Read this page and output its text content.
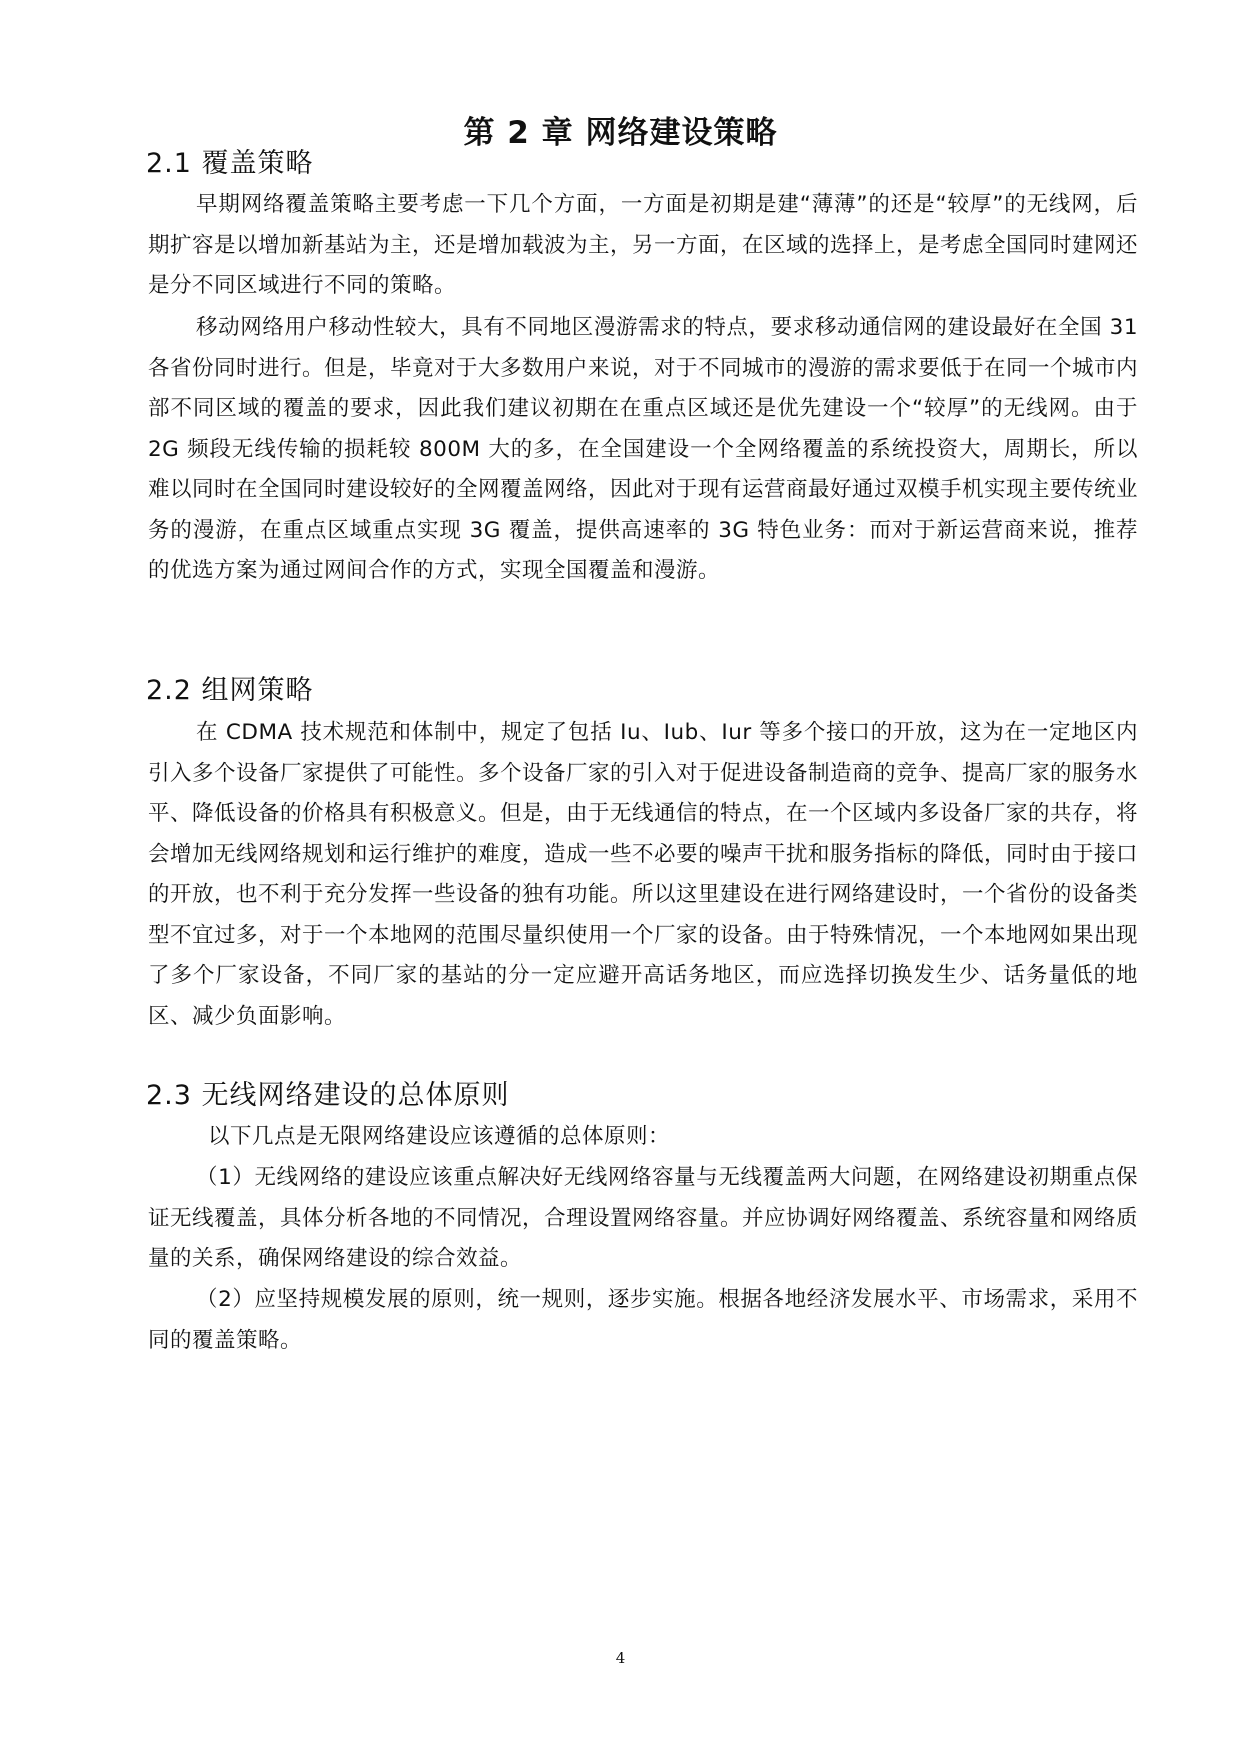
第 2 章 网络建设策略
2.1 覆盖策略
早期网络覆盖策略主要考虑一下几个方面，一方面是初期是建“薄薄”的还是“较厚”的无线网，后期扩容是以增加新基站为主，还是增加载波为主，另一方面，在区域的选择上，是考虑全国同时建网还是分不同区域进行不同的策略。
移动网络用户移动性较大，具有不同地区漫游需求的特点，要求移动通信网的建设最好在全国 31 各省份同时进行。但是，毕竟对于大多数用户来说，对于不同城市的漫游的需求要低于在同一个城市内部不同区域的覆盖的要求，因此我们建议初期在在重点区域还是优先建设一个“较厚”的无线网。由于 2G 频段无线传输的损耗较 800M 大的多，在全国建设一个全网络覆盖的系统投资大，周期长，所以难以同时在全国同时建设较好的全网覆盖网络，因此对于现有运营商最好通过双模手机实现主要传统业务的漫游，在重点区域重点实现 3G 覆盖，提供高速率的 3G 特色业务：而对于新运营商来说，推荐的优选方案为通过网间合作的方式，实现全国覆盖和漫游。
2.2 组网策略
在 CDMA 技术规范和体制中，规定了包括 Iu、Iub、Iur 等多个接口的开放，这为在一定地区内引入多个设备厂家提供了可能性。多个设备厂家的引入对于促进设备制造商的竞争、提高厂家的服务水平、降低设备的价格具有积极意义。但是，由于无线通信的特点，在一个区域内多设备厂家的共存，将会增加无线网络规划和运行维护的难度，造成一些不必要的噪声干扰和服务指标的降低，同时由于接口的开放，也不利于充分发挥一些设备的独有功能。所以这里建设在进行网络建设时，一个省份的设备类型不宜过多，对于一个本地网的范围尽量织使用一个厂家的设备。由于特殊情况，一个本地网如果出现了多个厂家设备，不同厂家的基站的分一定应避开高话务地区，而应选择切换发生少、话务量低的地区、减少负面影响。
2.3 无线网络建设的总体原则
以下几点是无限网络建设应该遵循的总体原则：
（1）无线网络的建设应该重点解决好无线网络容量与无线覆盖两大问题，在网络建设初期重点保证无线覆盖，具体分析各地的不同情况，合理设置网络容量。并应协调好网络覆盖、系统容量和网络质量的关系，确保网络建设的综合效益。
（2）应坚持规模发展的原则，统一规则，逐步实施。根据各地经济发展水平、市场需求，采用不同的覆盖策略。
4
